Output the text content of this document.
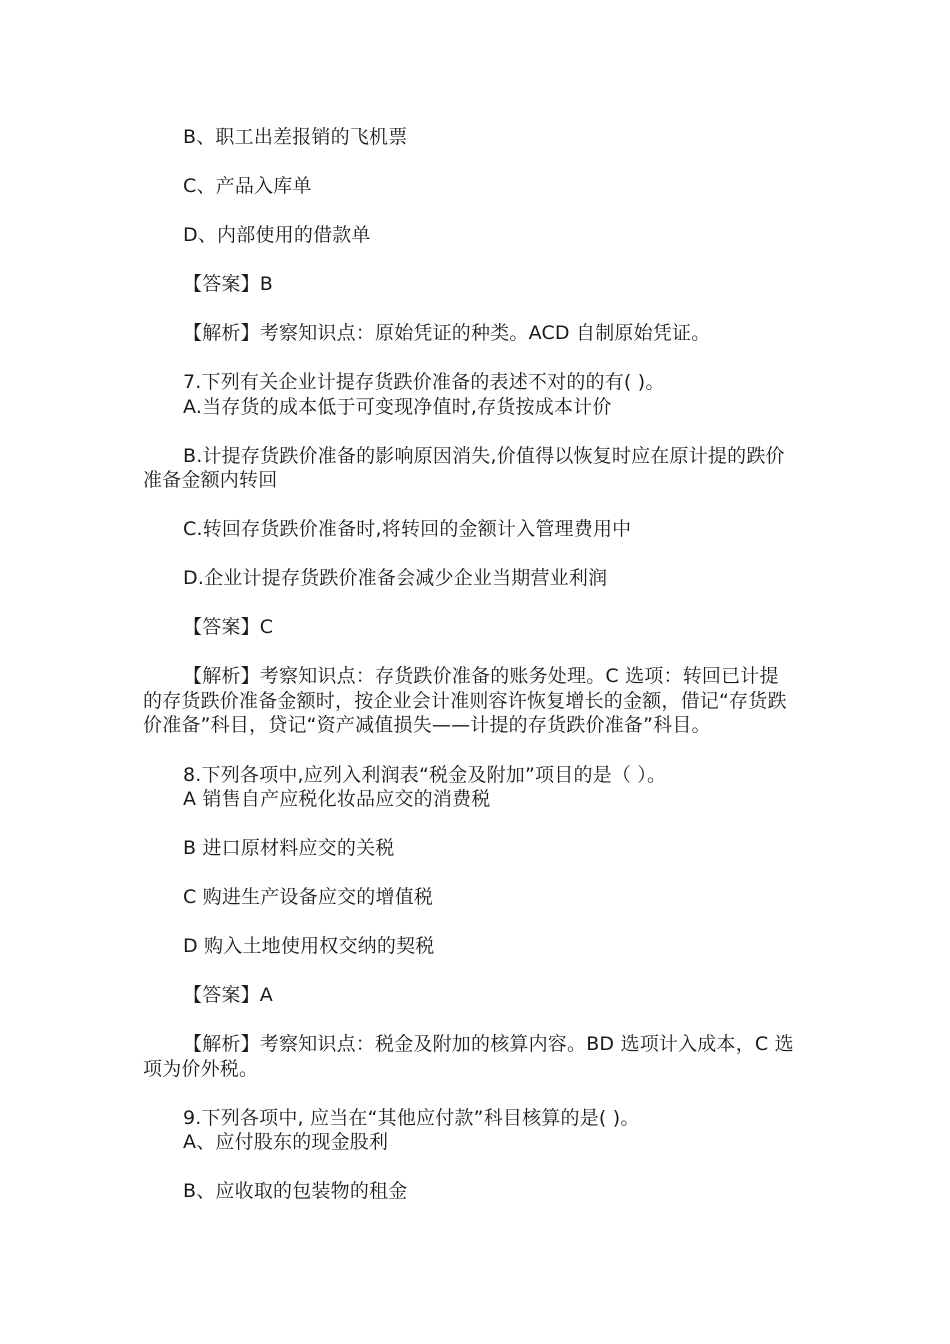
B、职工出差报销的飞机票
C、产品入库单
D、内部使用的借款单
【答案】B
【解析】考察知识点：原始凭证的种类。ACD 自制原始凭证。
7.下列有关企业计提存货跌价准备的表述不对的的有( )。
A.当存货的成本低于可变现净值时,存货按成本计价
B.计提存货跌价准备的影响原因消失,价值得以恢复时应在原计提的跌价
准备金额内转回
C.转回存货跌价准备时,将转回的金额计入管理费用中
D.企业计提存货跌价准备会减少企业当期营业利润
【答案】C
【解析】考察知识点：存货跌价准备的账务处理。C 选项：转回已计提
的存货跌价准备金额时，按企业会计准则容许恢复增长的金额，借记“存货跌
价准备”科目，贷记“资产减值损失——计提的存货跌价准备”科目。
8.下列各项中,应列入利润表“税金及附加”项目的是（ ）。
A 销售自产应税化妆品应交的消费税
B 进口原材料应交的关税
C 购进生产设备应交的增值税
D 购入土地使用权交纳的契税
【答案】A
【解析】考察知识点：税金及附加的核算内容。BD 选项计入成本，C 选
项为价外税。
9.下列各项中, 应当在“其他应付款”科目核算的是( )。
A、应付股东的现金股利
B、应收取的包装物的租金
